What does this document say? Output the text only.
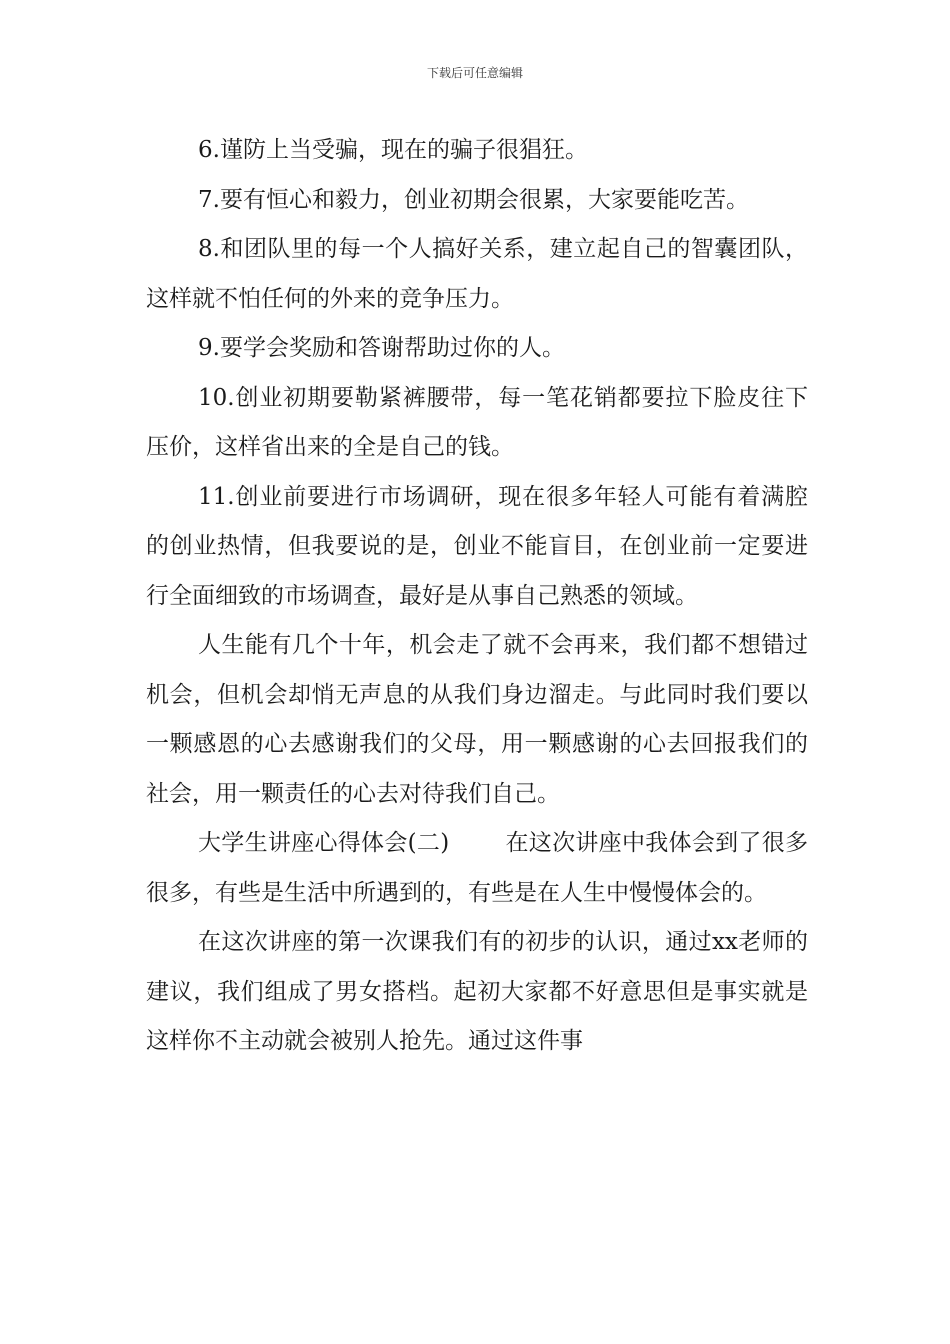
下载后可任意编辑

6.谨防上当受骗，现在的骗子很猖狂。

7.要有恒心和毅力，创业初期会很累，大家要能吃苦。

8.和团队里的每一个人搞好关系，建立起自己的智囊团队，这样就不怕任何的外来的竞争压力。

9.要学会奖励和答谢帮助过你的人。

10.创业初期要勒紧裤腰带，每一笔花销都要拉下脸皮往下压价，这样省出来的全是自己的钱。

11.创业前要进行市场调研，现在很多年轻人可能有着满腔的创业热情，但我要说的是，创业不能盲目，在创业前一定要进行全面细致的市场调查，最好是从事自己熟悉的领域。

人生能有几个十年，机会走了就不会再来，我们都不想错过机会，但机会却悄无声息的从我们身边溜走。与此同时我们要以一颗感恩的心去感谢我们的父母，用一颗感谢的心去回报我们的社会，用一颗责任的心去对待我们自己。

大学生讲座心得体会(二) 在这次讲座中我体会到了很多很多，有些是生活中所遇到的，有些是在人生中慢慢体会的。

在这次讲座的第一次课我们有的初步的认识，通过xx老师的建议，我们组成了男女搭档。起初大家都不好意思但是事实就是这样你不主动就会被别人抢先。通过这件事
